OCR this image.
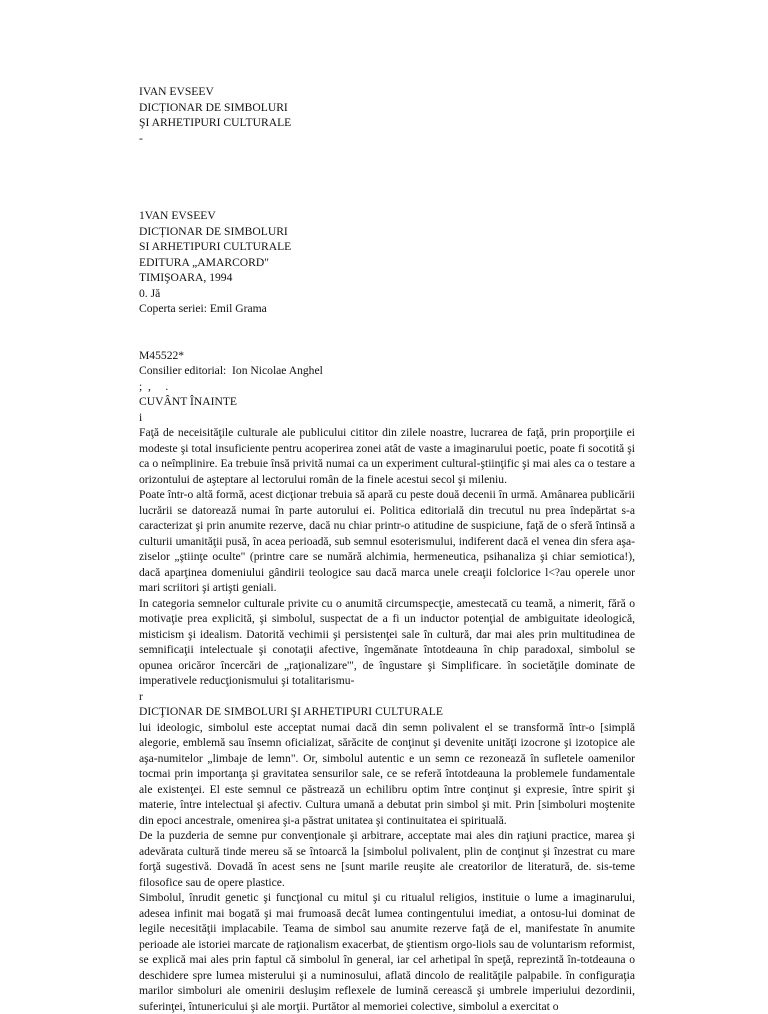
IVAN EVSEEV
DICȚIONAR DE SIMBOLURI
ŞI ARHETIPURI CULTURALE
-
1VAN EVSEEV
DICȚIONAR DE SIMBOLURI
SI ARHETIPURI CULTURALE
EDITURA „AMARCORD"
TIMIŞOARA, 1994
0. Jă
Coperta seriei: Emil Grama
M45522*
Consilier editorial:  Ion Nicolae Anghel
;  ,     .
CUVÂNT ÎNAINTE
i
Faţă de neceisităţile culturale ale publicului cititor din zilele noastre, lucrarea de faţă, prin proporţiile ei modeste şi total insuficiente pentru acoperirea zonei atât de vaste a imaginarului poetic, poate fi socotită şi ca o neîmplinire. Ea trebuie însă privită numai ca un experiment cultural-ştiinţific şi mai ales ca o testare a orizontului de aşteptare al lectorului român de la finele acestui secol şi mileniu.
Poate într-o altă formă, acest dicţionar trebuia să apară cu peste două decenii în urmă. Amânarea publicării lucrării se datorează numai în parte autorului ei. Politica editorială din trecutul nu prea îndepărtat s-a caracterizat şi prin anumite rezerve, dacă nu chiar printr-o atitudine de suspiciune, faţă de o sferă întinsă a culturii umanităţii pusă, în acea perioadă, sub semnul esoterismului, indiferent dacă el venea din sfera aşa-ziselor „ştiinţe oculte" (printre care se numără alchimia, hermeneutica, psihanaliza şi chiar semiotica!), dacă aparţinea domeniului gândirii teologice sau dacă marca unele creaţii folclorice l<?au operele unor mari scriitori şi artişti geniali.
In categoria semnelor culturale privite cu o anumită circumspecţie, amestecată cu teamă, a nimerit, fără o motivaţie prea explicită, şi simbolul, suspectat de a fi un inductor potenţial de ambiguitate ideologică, misticism şi idealism. Datorită vechimii şi persistenţei sale în cultură, dar mai ales prin multitudinea de semnificaţii intelectuale şi conotaţii afective, îngemănate întotdeauna în chip paradoxal, simbolul se opunea oricăror încercări de „raţionalizare'", de îngustare şi Simplificare. în societăţile dominate de imperativele reducţionismului şi totalitarismu-
r
DICŢIONAR DE SIMBOLURI ŞI ARHETIPURI CULTURALE
lui ideologic, simbolul este acceptat numai dacă din semn polivalent el se transformă într-o [simplă alegorie, emblemă sau însemn oficializat, sărăcite de conţinut şi devenite unităţi izocrone şi izotopice ale aşa-numitelor „limbaje de lemn". Or, simbolul autentic e un semn ce rezonează în sufletele oamenilor tocmai prin importanţa şi gravitatea sensurilor sale, ce se referă întotdeauna la problemele fundamentale ale existenţei. El este semnul ce păstrează un echilibru optim între conţinut şi expresie, între spirit şi materie, între intelectual şi afectiv. Cultura umană a debutat prin simbol şi mit. Prin [simboluri moştenite din epoci ancestrale, omenirea şi-a păstrat unitatea şi continuitatea ei spirituală.
De la puzderia de semne pur convenţionale şi arbitrare, acceptate mai ales din raţiuni practice, marea şi adevărata cultură tinde mereu să se întoarcă la [simbolul polivalent, plin de conţinut şi înzestrat cu mare forţă sugestivă. Dovadă în acest sens ne [sunt marile reuşite ale creatorilor de literatură, de. sis-teme filosofice sau de opere plastice.
Simbolul, înrudit genetic şi funcţional cu mitul şi cu ritualul religios, instituie o lume a imaginarului, adesea infinit mai bogată şi mai frumoasă decât lumea contingentului imediat, a ontosu-lui dominat de legile necesităţii implacabile. Teama de simbol sau anumite rezerve faţă de el, manifestate în anumite perioade ale istoriei marcate de raţionalism exacerbat, de ştientism orgo-liols sau de voluntarism reformist, se explică mai ales prin faptul că simbolul în general, iar cel arhetipal în speţă, reprezintă în-totdeauna o deschidere spre lumea misterului şi a numinosului, aflată dincolo de realităţile palpabile. în configuraţia marilor simboluri ale omenirii desluşim reflexele de lumină cerească şi umbrele imperiului dezordinii, suferinţei, întunericului şi ale morţii. Purtător al memoriei colective, simbolul a exercitat o
